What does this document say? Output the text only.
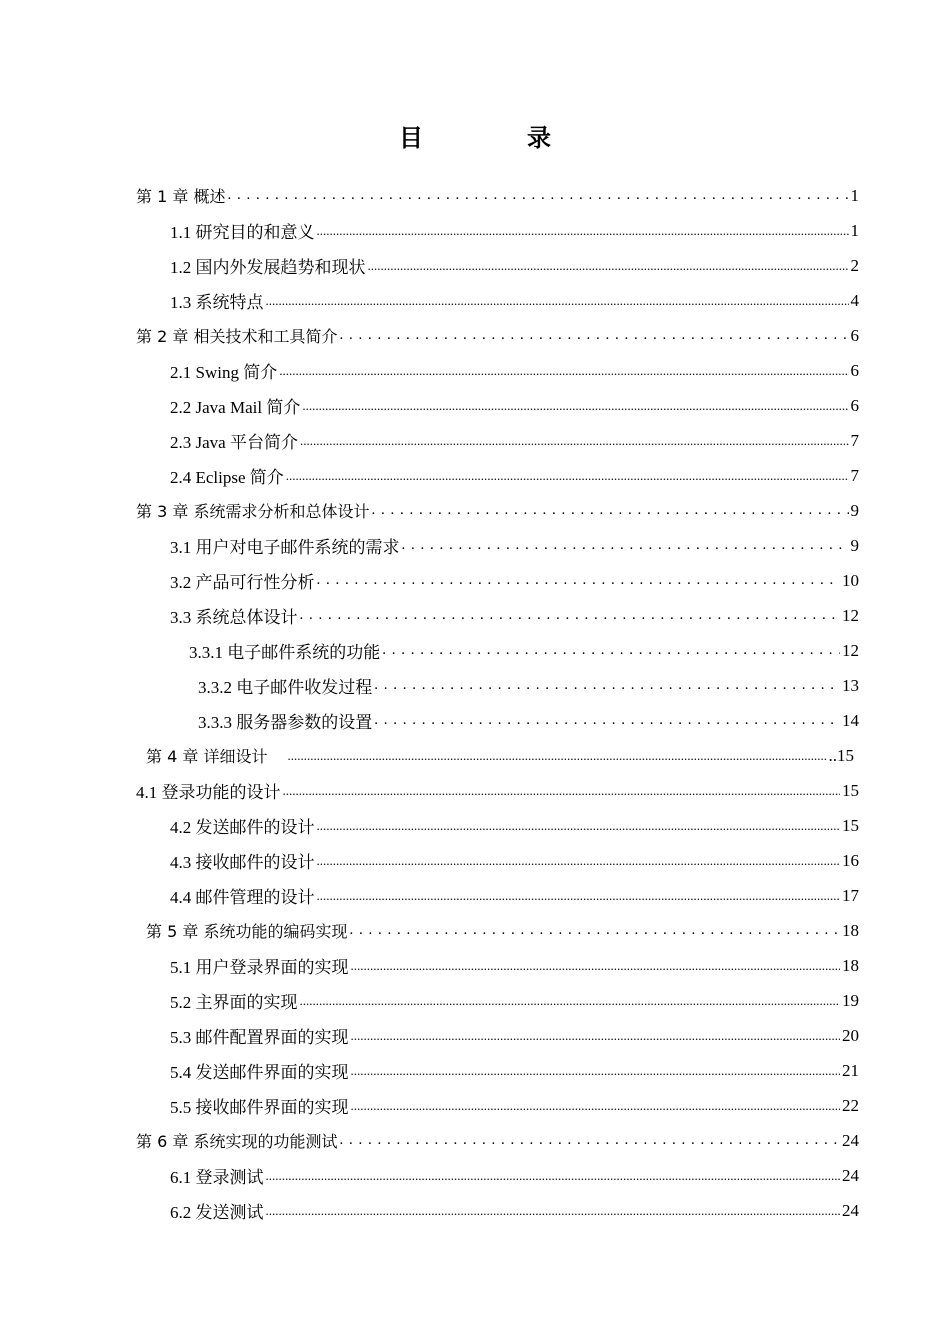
目　录
第 1 章 概述 . . .	1
1.1 研究目的和意义 .....	1
1.2 国内外发展趋势和现状 .....	2
1.3 系统特点 .....	4
第 2 章 相关技术和工具简介 . . .	6
2.1 Swing 简介 .....	6
2.2 Java Mail 简介 .....	6
2.3 Java 平台简介 .....	7
2.4 Eclipse 简介 .....	7
第 3 章 系统需求分析和总体设计 . . .	9
3.1 用户对电子邮件系统的需求 . . .	9
3.2 产品可行性分析 . . .	10
3.3 系统总体设计 . . .	12
3.3.1 电子邮件系统的功能 . . .	12
3.3.2 电子邮件收发过程 . . .	13
3.3.3 服务器参数的设置 . . .	14
第 4 章 详细设计 .....	..15
4.1 登录功能的设计 .....	15
4.2 发送邮件的设计 .....	15
4.3 接收邮件的设计 .....	16
4.4 邮件管理的设计 .....	17
第 5 章 系统功能的编码实现 . . .	18
5.1 用户登录界面的实现 .....	18
5.2 主界面的实现 .....	19
5.3 邮件配置界面的实现 .....	20
5.4 发送邮件界面的实现 .....	21
5.5 接收邮件界面的实现 .....	22
第 6 章 系统实现的功能测试 . . .	24
6.1 登录测试 .....	24
6.2 发送测试 .....	24
